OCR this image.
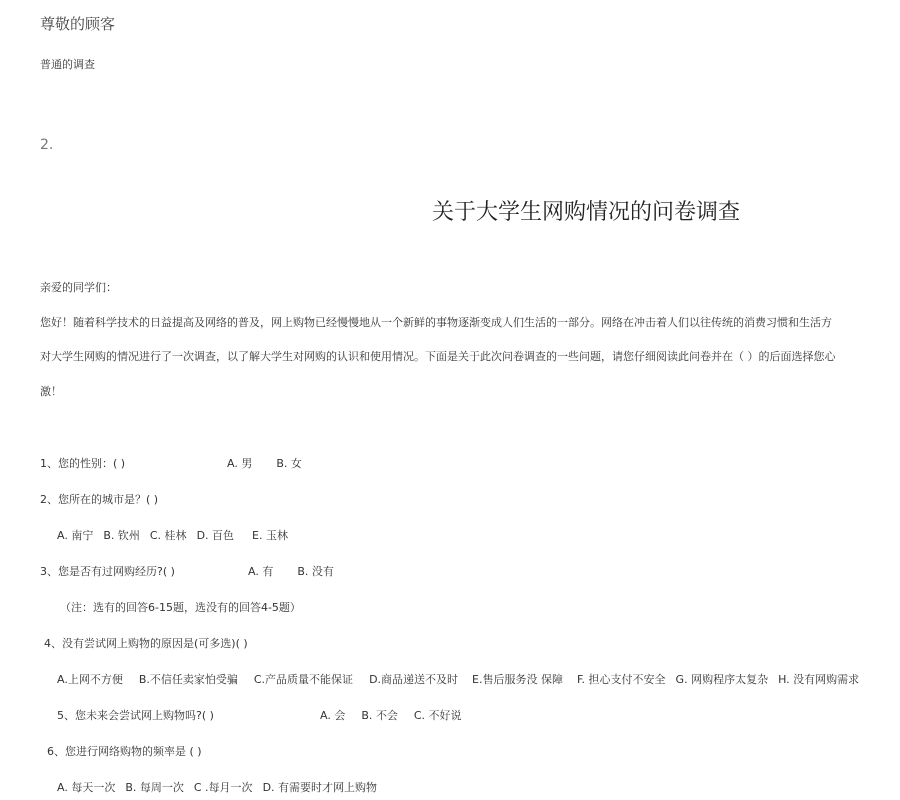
尊敬的顾客
普通的调查
2.
关于大学生网购情况的问卷调查
亲爱的同学们：
您好！随着科学技术的日益提高及网络的普及，网上购物已经慢慢地从一个新鲜的事物逐渐变成人们生活的一部分。网络在冲击着人们以往传统的消费习惯和生活方
对大学生网购的情况进行了一次调查，以了解大学生对网购的认识和使用情况。下面是关于此次问卷调查的一些问题，请您仔细阅读此问卷并在（ ）的后面选择您心
激！
1、您的性别：( )	A. 男 B. 女
2、您所在的城市是？( )
A. 南宁 B. 钦州 C. 桂林 D. 百色 E. 玉林
3、您是否有过网购经历?( )	A. 有 B. 没有
（注：选有的回答6-15题，选没有的回答4-5题）
4、没有尝试网上购物的原因是(可多选)( )
A.上网不方便 B.不信任卖家怕受骗 C.产品质量不能保证 D.商品递送不及时 E.售后服务没 保障 F. 担心支付不安全 G. 网购程序太复杂 H. 没有网购需求
5、您未来会尝试网上购物吗?( )	A. 会 B. 不会 C. 不好说
6、您进行网络购物的频率是 ( )
A. 每天一次 B. 每周一次 C .每月一次 D. 有需要时才网上购物
